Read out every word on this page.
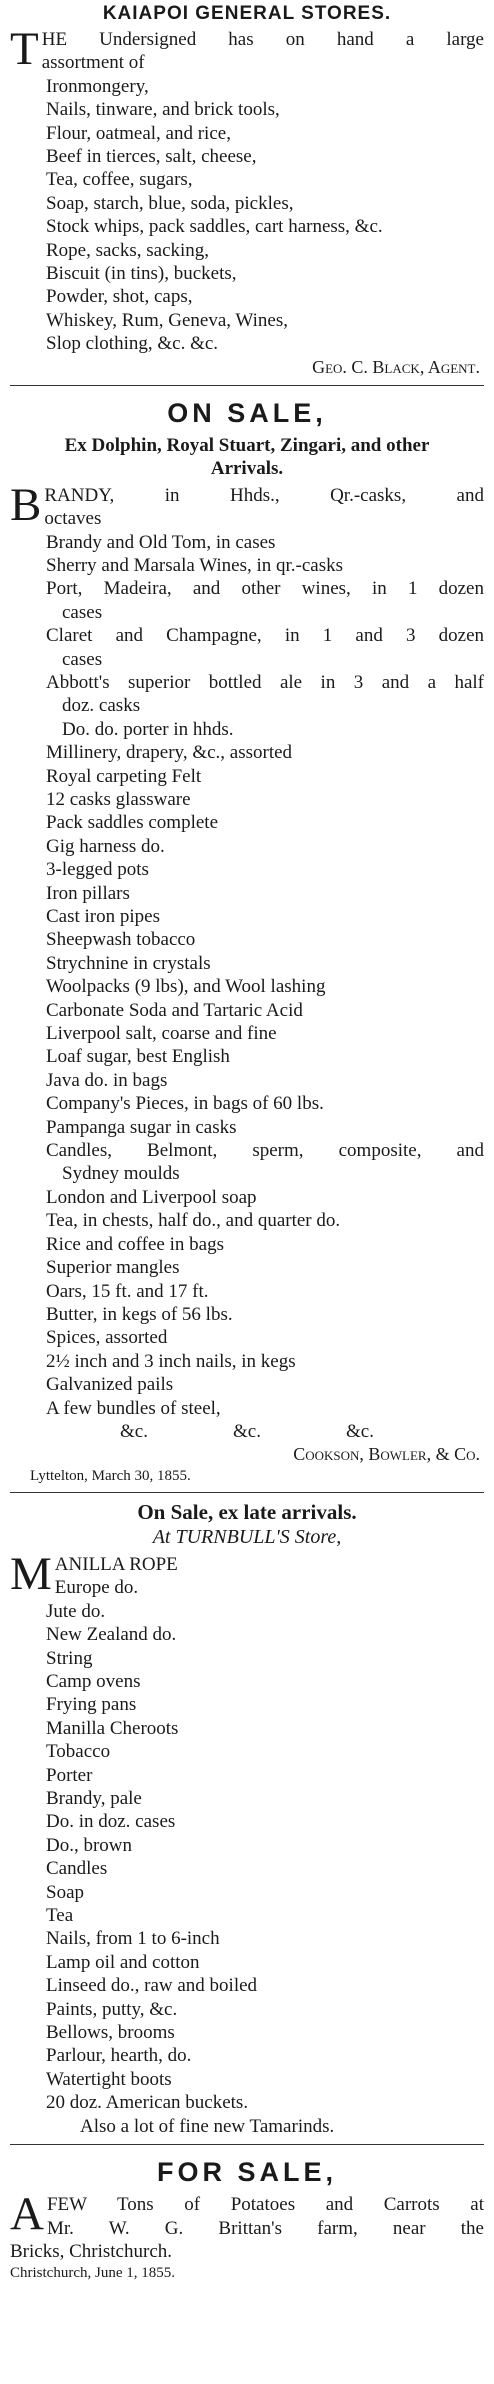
KAIAPOI GENERAL STORES.
T HE Undersigned has on hand a large
assortment of
Ironmongery,
Nails, tinware, and brick tools,
Flour, oatmeal, and rice,
Beef in tierces, salt, cheese,
Tea, coffee, sugars,
Soap, starch, blue, soda, pickles,
Stock whips, pack saddles, cart harness, &c.
Rope, sacks, sacking,
Biscuit (in tins), buckets,
Powder, shot, caps,
Whiskey, Rum, Geneva, Wines,
Slop clothing, &c. &c.
Geo. C. Black, Agent.
ON SALE,
Ex Dolphin, Royal Stuart, Zingari, and other
Arrivals.
B RANDY, in Hhds., Qr.-casks, and
octaves
Brandy and Old Tom, in cases
Sherry and Marsala Wines, in qr.-casks
Port, Madeira, and other wines, in 1 dozen
cases
Claret and Champagne, in 1 and 3 dozen
cases
Abbott's superior bottled ale in 3 and a half
doz. casks
Do. do. porter in hhds.
Millinery, drapery, &c., assorted
Royal carpeting Felt
12 casks glassware
Pack saddles complete
Gig harness do.
3-legged pots
Iron pillars
Cast iron pipes
Sheepwash tobacco
Strychnine in crystals
Woolpacks (9 lbs), and Wool lashing
Carbonate Soda and Tartaric Acid
Liverpool salt, coarse and fine
Loaf sugar, best English
Java do. in bags
Company's Pieces, in bags of 60 lbs.
Pampanga sugar in casks
Candles, Belmont, sperm, composite, and
Sydney moulds
London and Liverpool soap
Tea, in chests, half do., and quarter do.
Rice and coffee in bags
Superior mangles
Oars, 15 ft. and 17 ft.
Butter, in kegs of 56 lbs.
Spices, assorted
2½ inch and 3 inch nails, in kegs
Galvanized pails
A few bundles of steel,
&c.	&c.	&c.
Cookson, Bowler, & Co.
Lyttelton, March 30, 1855.
On Sale, ex late arrivals.
At TURNBULL'S Store,
M ANILLA ROPE
Europe do.
Jute do.
New Zealand do.
String
Camp ovens
Frying pans
Manilla Cheroots
Tobacco
Porter
Brandy, pale
Do. in doz. cases
Do., brown
Candles
Soap
Tea
Nails, from 1 to 6-inch
Lamp oil and cotton
Linseed do., raw and boiled
Paints, putty, &c.
Bellows, brooms
Parlour, hearth, do.
Watertight boots
20 doz. American buckets.
Also a lot of fine new Tamarinds.
FOR SALE,
A FEW Tons of Potatoes and Carrots at
Mr. W. G. Brittan's farm, near the
Bricks, Christchurch.
Christchurch, June 1, 1855.
